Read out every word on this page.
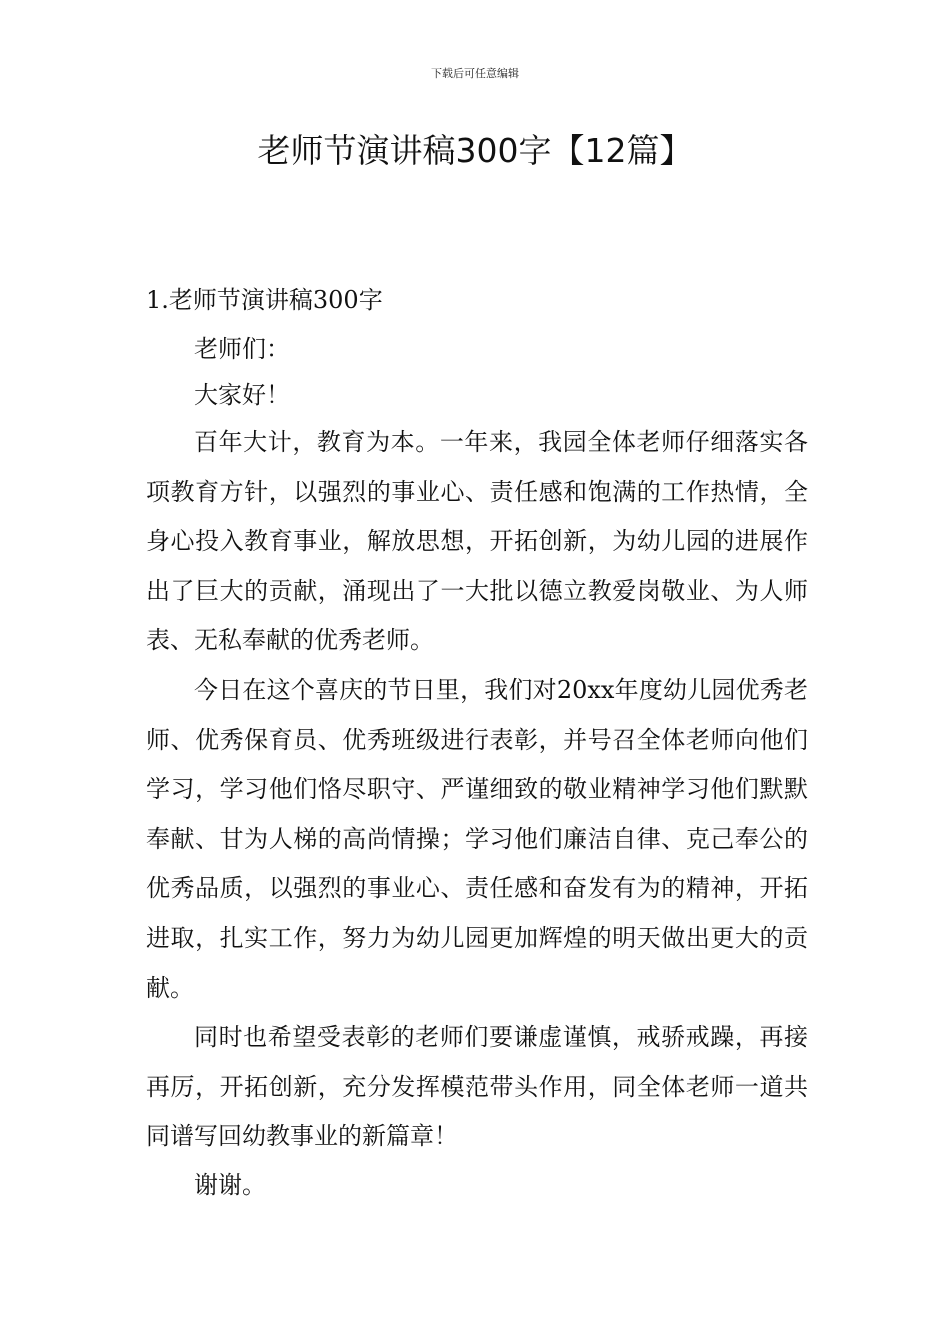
下载后可任意编辑
老师节演讲稿300字【12篇】

1.老师节演讲稿300字

老师们：

大家好！

百年大计，教育为本。一年来，我园全体老师仔细落实各项教育方针，以强烈的事业心、责任感和饱满的工作热情，全身心投入教育事业，解放思想，开拓创新，为幼儿园的进展作出了巨大的贡献，涌现出了一大批以德立教爱岗敬业、为人师表、无私奉献的优秀老师。

今日在这个喜庆的节日里，我们对20xx年度幼儿园优秀老师、优秀保育员、优秀班级进行表彰，并号召全体老师向他们学习，学习他们恪尽职守、严谨细致的敬业精神学习他们默默奉献、甘为人梯的高尚情操；学习他们廉洁自律、克己奉公的优秀品质，以强烈的事业心、责任感和奋发有为的精神，开拓进取，扎实工作，努力为幼儿园更加辉煌的明天做出更大的贡献。

同时也希望受表彰的老师们要谦虚谨慎，戒骄戒躁，再接再厉，开拓创新，充分发挥模范带头作用，同全体老师一道共同谱写回幼教事业的新篇章！

谢谢。
